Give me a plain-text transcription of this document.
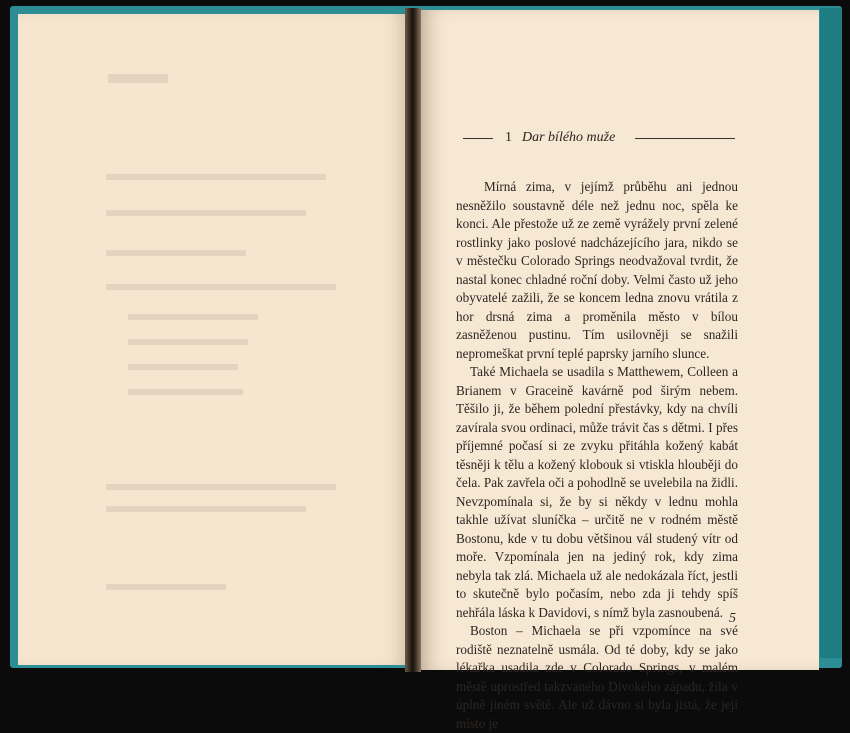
1 Dar bílého muže

Mírná zima, v jejímž průběhu ani jednou nesněžilo soustavně déle než jednu noc, spěla ke konci. Ale přestože už ze země vyrážely první zelené rostlinky jako poslové nadcházejícího jara, nikdo se v městečku Colorado Springs neodvažoval tvrdit, že nastal konec chladné roční doby. Velmi často už jeho obyvatelé zažili, že se koncem ledna znovu vrátila z hor drsná zima a proměnila město v bílou zasněženou pustinu. Tím usilovněji se snažili nepromeškat první teplé paprsky jarního slunce.

Také Michaela se usadila s Matthewem, Colleen a Brianem v Graceině kavárně pod širým nebem. Těšilo ji, že během polední přestávky, kdy na chvíli zavírala svou ordinaci, může trávit čas s dětmi. I přes příjemné počasí si ze zvyku přitáhla kožený kabát těsněji k tělu a kožený klobouk si vtiskla hlouběji do čela. Pak zavřela oči a pohodlně se uvelebila na židli. Nevzpomínala si, že by si někdy v lednu mohla takhle užívat sluníčka – určitě ne v rodném městě Bostonu, kde v tu dobu většinou vál studený vítr od moře. Vzpomínala jen na jediný rok, kdy zima nebyla tak zlá. Michaela už ale nedokázala říct, jestli to skutečně bylo počasím, nebo zda ji tehdy spíš nehřála láska k Davidovi, s nímž byla zasnoubená.

Boston – Michaela se při vzpomínce na své rodiště neznatelně usmála. Od té doby, kdy se jako lékařka usadila zde v Colorado Springs, v malém městě uprostřed takzvaného Divokého západu, žila v úplně jiném světě. Ale už dávno si byla jistá, že její místo je

5
